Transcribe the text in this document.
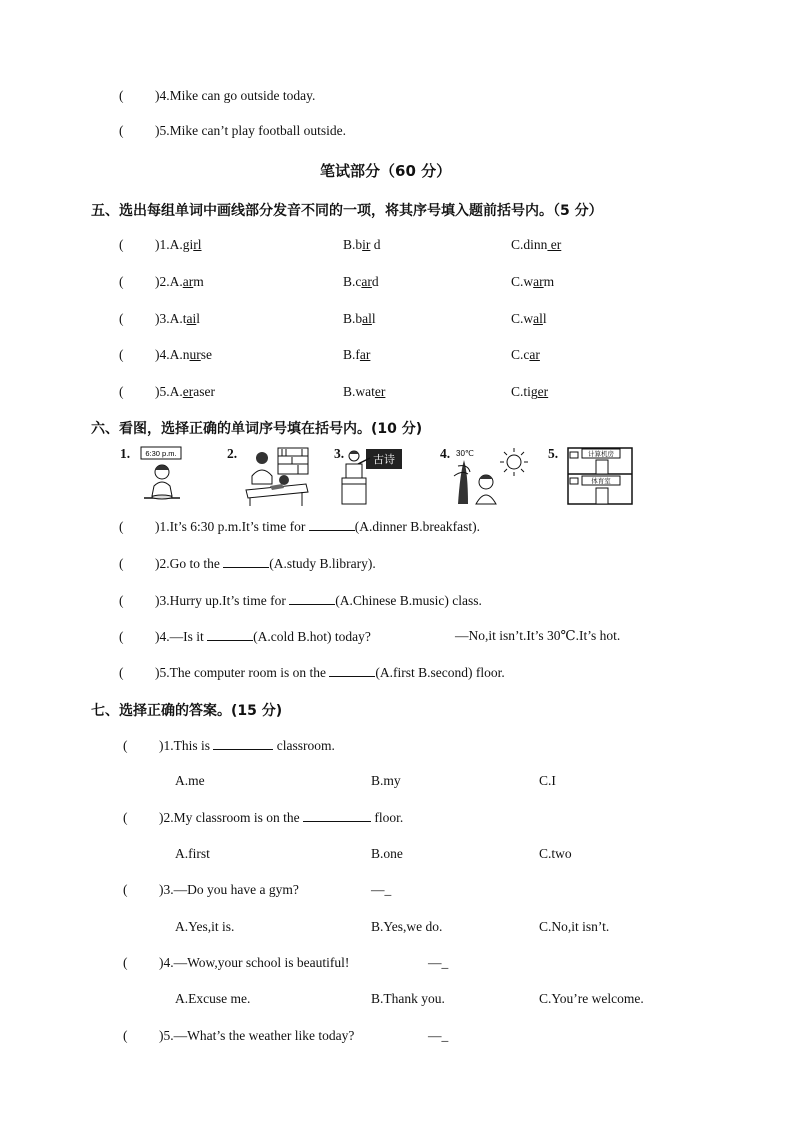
( )4.Mike can go outside today.
( )5.Mike can’t play football outside.
笔试部分（60 分）
五、选出每组单词中画线部分发音不同的一项，将其序号填入题前括号内。（5 分）
( )1.A.girl	B.bir d	C.dinn er
( )2.A.arm	B.card	C.warm
( )3.A.tail	B.ball	C.wall
( )4.A.nurse	B.far	C.car
( )5.A.eraser	B.water	C.tiger
六、看图，选择正确的单词序号填在括号内。(10 分)
1. 6:30 p.m.	2.	3.	古诗	4. 30℃	5.	计算机房
体育室
( )1.It’s 6:30 p.m.It’s time for	(A.dinner B.breakfast).
( )2.Go to the	(A.study B.library).
( )3.Hurry up.It’s time for	(A.Chinese B.music) class.
( )4.—Is it	(A.cold B.hot) today?	—No,it isn’t.It’s 30℃.It’s hot.
( )5.The computer room is on the	(A.first B.second) floor.
七、选择正确的答案。(15 分)
( )1.This is	classroom.
A.me	B.my	C.I
( )2.My classroom is on the	floor.
A.first	B.one	C.two
( )3.—Do you have a gym?	—_
A.Yes,it is.	B.Yes,we do.	C.No,it isn’t.
( )4.—Wow,your school is beautiful!	—_
A.Excuse me.	B.Thank you.	C.You’re welcome.
( )5.—What’s the weather like today?	—_
